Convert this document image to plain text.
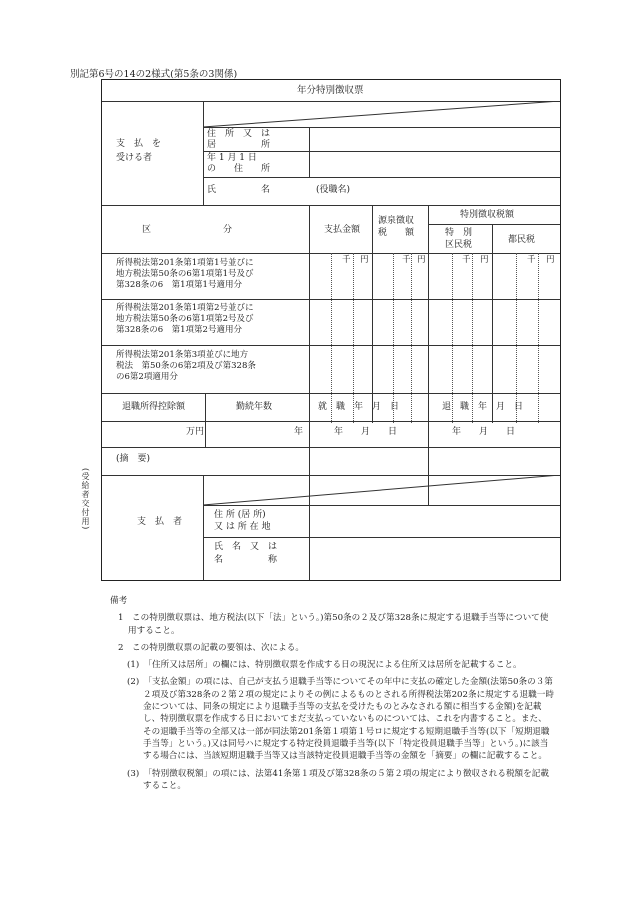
別記第6号の14の2様式(第5条の3関係)
(受給者交付用)
年分特別徴収票
支　払　を
受ける者
住　所　又　は
居　　　　　所
年 1 月 1 日
の　　住　　所
氏　　　　　名	(役職名)
区　　　　　　　　分	支払金額
源泉徴収
税　　額
特別徴収税額
特　別
区民税	都民税
千 円	千 円	千 円	千 円
所得税法第201条第1項第1号並びに
地方税法第50条の6第1項第1号及び
第328条の6　第1項第1号適用分
所得税法第201条第1項第2号並びに
地方税法第50条の6第1項第2号及び
第328条の6　第1項第2号適用分
所得税法第201条第3項並びに地方
税法　第50条の6第2項及び第328条
の6第2項適用分
退職所得控除額	勤続年数	就　職　年　月　日	退　職　年　月　日
万円	年	年　　月　　日	年　　月　　日
(摘　要)
支　払　者
住 所 (居 所)
又 は 所 在 地
氏　名　又　は
名　　　　　称

備考

1　この特別徴収票は、地方税法(以下「法」という。)第50条の２及び第328条に規定する退職手当等について使用すること。

2　この特別徴収票の記載の要領は、次による。

(1)　「住所又は居所」の欄には、特別徴収票を作成する日の現況による住所又は居所を記載すること。

(2)　「支払金額」の項には、自己が支払う退職手当等についてその年中に支払の確定した金額(法第50条の３第２項及び第328条の２第２項の規定によりその例によるものとされる所得税法第202条に規定する退職一時金については、同条の規定により退職手当等の支払を受けたものとみなされる額に相当する金額)を記載し、特別徴収票を作成する日においてまだ支払っていないものについては、これを内書すること。また、その退職手当等の全部又は一部が同法第201条第１項第１号ロに規定する短期退職手当等(以下「短期退職手当等」という。)又は同号ハに規定する特定役員退職手当等(以下「特定役員退職手当等」という。)に該当する場合には、当該短期退職手当等又は当該特定役員退職手当等の金額を「摘要」の欄に記載すること。

(3)　「特別徴収税額」の項には、法第41条第１項及び第328条の５第２項の規定により徴収される税額を記載すること。
